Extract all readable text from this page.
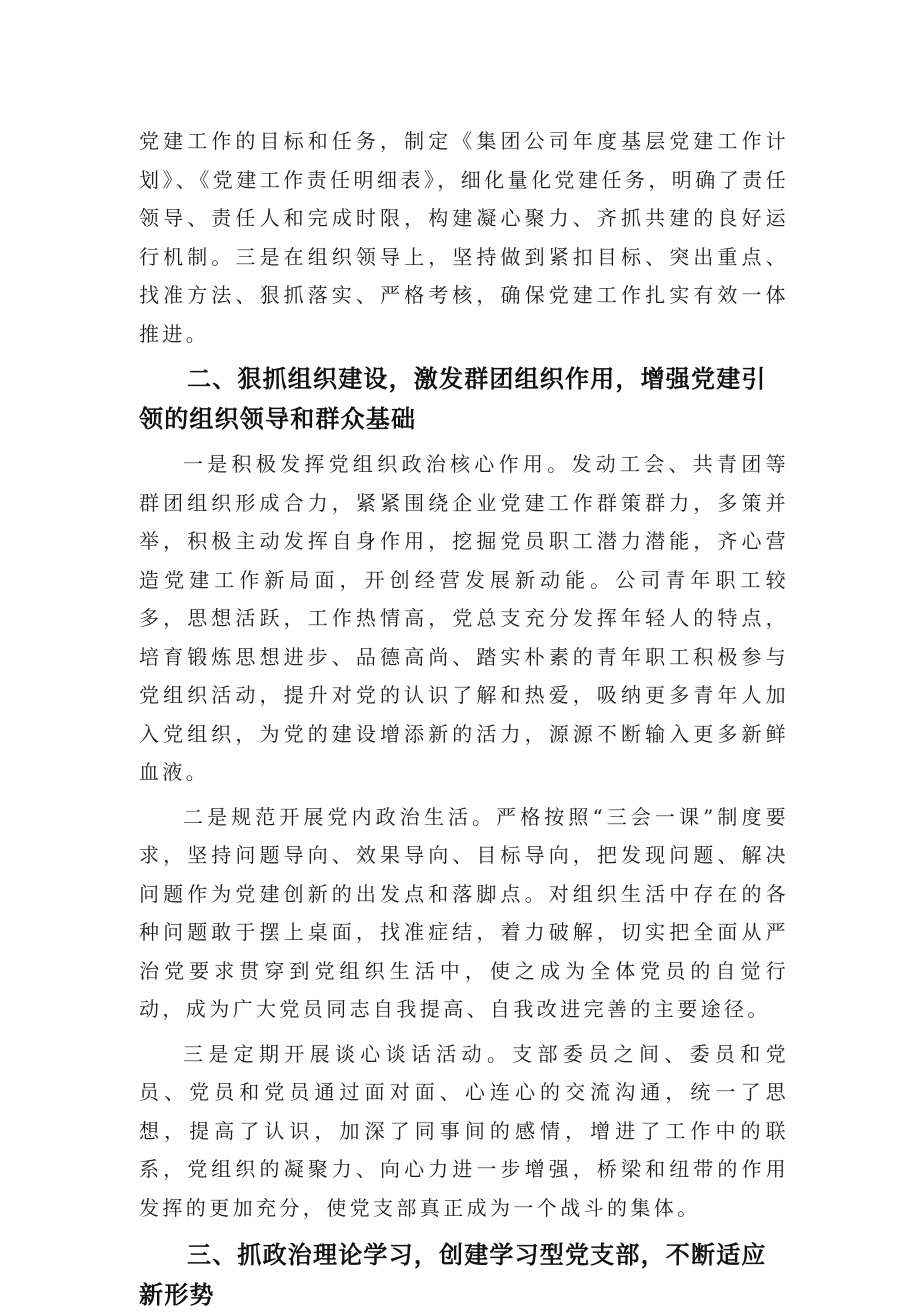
党建工作的目标和任务，制定《集团公司年度基层党建工作计划》、《党建工作责任明细表》，细化量化党建任务，明确了责任领导、责任人和完成时限，构建凝心聚力、齐抓共建的良好运行机制。三是在组织领导上，坚持做到紧扣目标、突出重点、找准方法、狠抓落实、严格考核，确保党建工作扎实有效一体推进。

二、狠抓组织建设，激发群团组织作用，增强党建引领的组织领导和群众基础

一是积极发挥党组织政治核心作用。发动工会、共青团等群团组织形成合力，紧紧围绕企业党建工作群策群力，多策并举，积极主动发挥自身作用，挖掘党员职工潜力潜能，齐心营造党建工作新局面，开创经营发展新动能。公司青年职工较多，思想活跃，工作热情高，党总支充分发挥年轻人的特点，培育锻炼思想进步、品德高尚、踏实朴素的青年职工积极参与党组织活动，提升对党的认识了解和热爱，吸纳更多青年人加入党组织，为党的建设增添新的活力，源源不断输入更多新鲜血液。

二是规范开展党内政治生活。严格按照“三会一课”制度要求，坚持问题导向、效果导向、目标导向，把发现问题、解决问题作为党建创新的出发点和落脚点。对组织生活中存在的各种问题敢于摆上桌面，找准症结，着力破解，切实把全面从严治党要求贯穿到党组织生活中，使之成为全体党员的自觉行动，成为广大党员同志自我提高、自我改进完善的主要途径。

三是定期开展谈心谈话活动。支部委员之间、委员和党员、党员和党员通过面对面、心连心的交流沟通，统一了思想，提高了认识，加深了同事间的感情，增进了工作中的联系，党组织的凝聚力、向心力进一步增强，桥梁和纽带的作用发挥的更加充分，使党支部真正成为一个战斗的集体。

三、抓政治理论学习，创建学习型党支部，不断适应新形势
